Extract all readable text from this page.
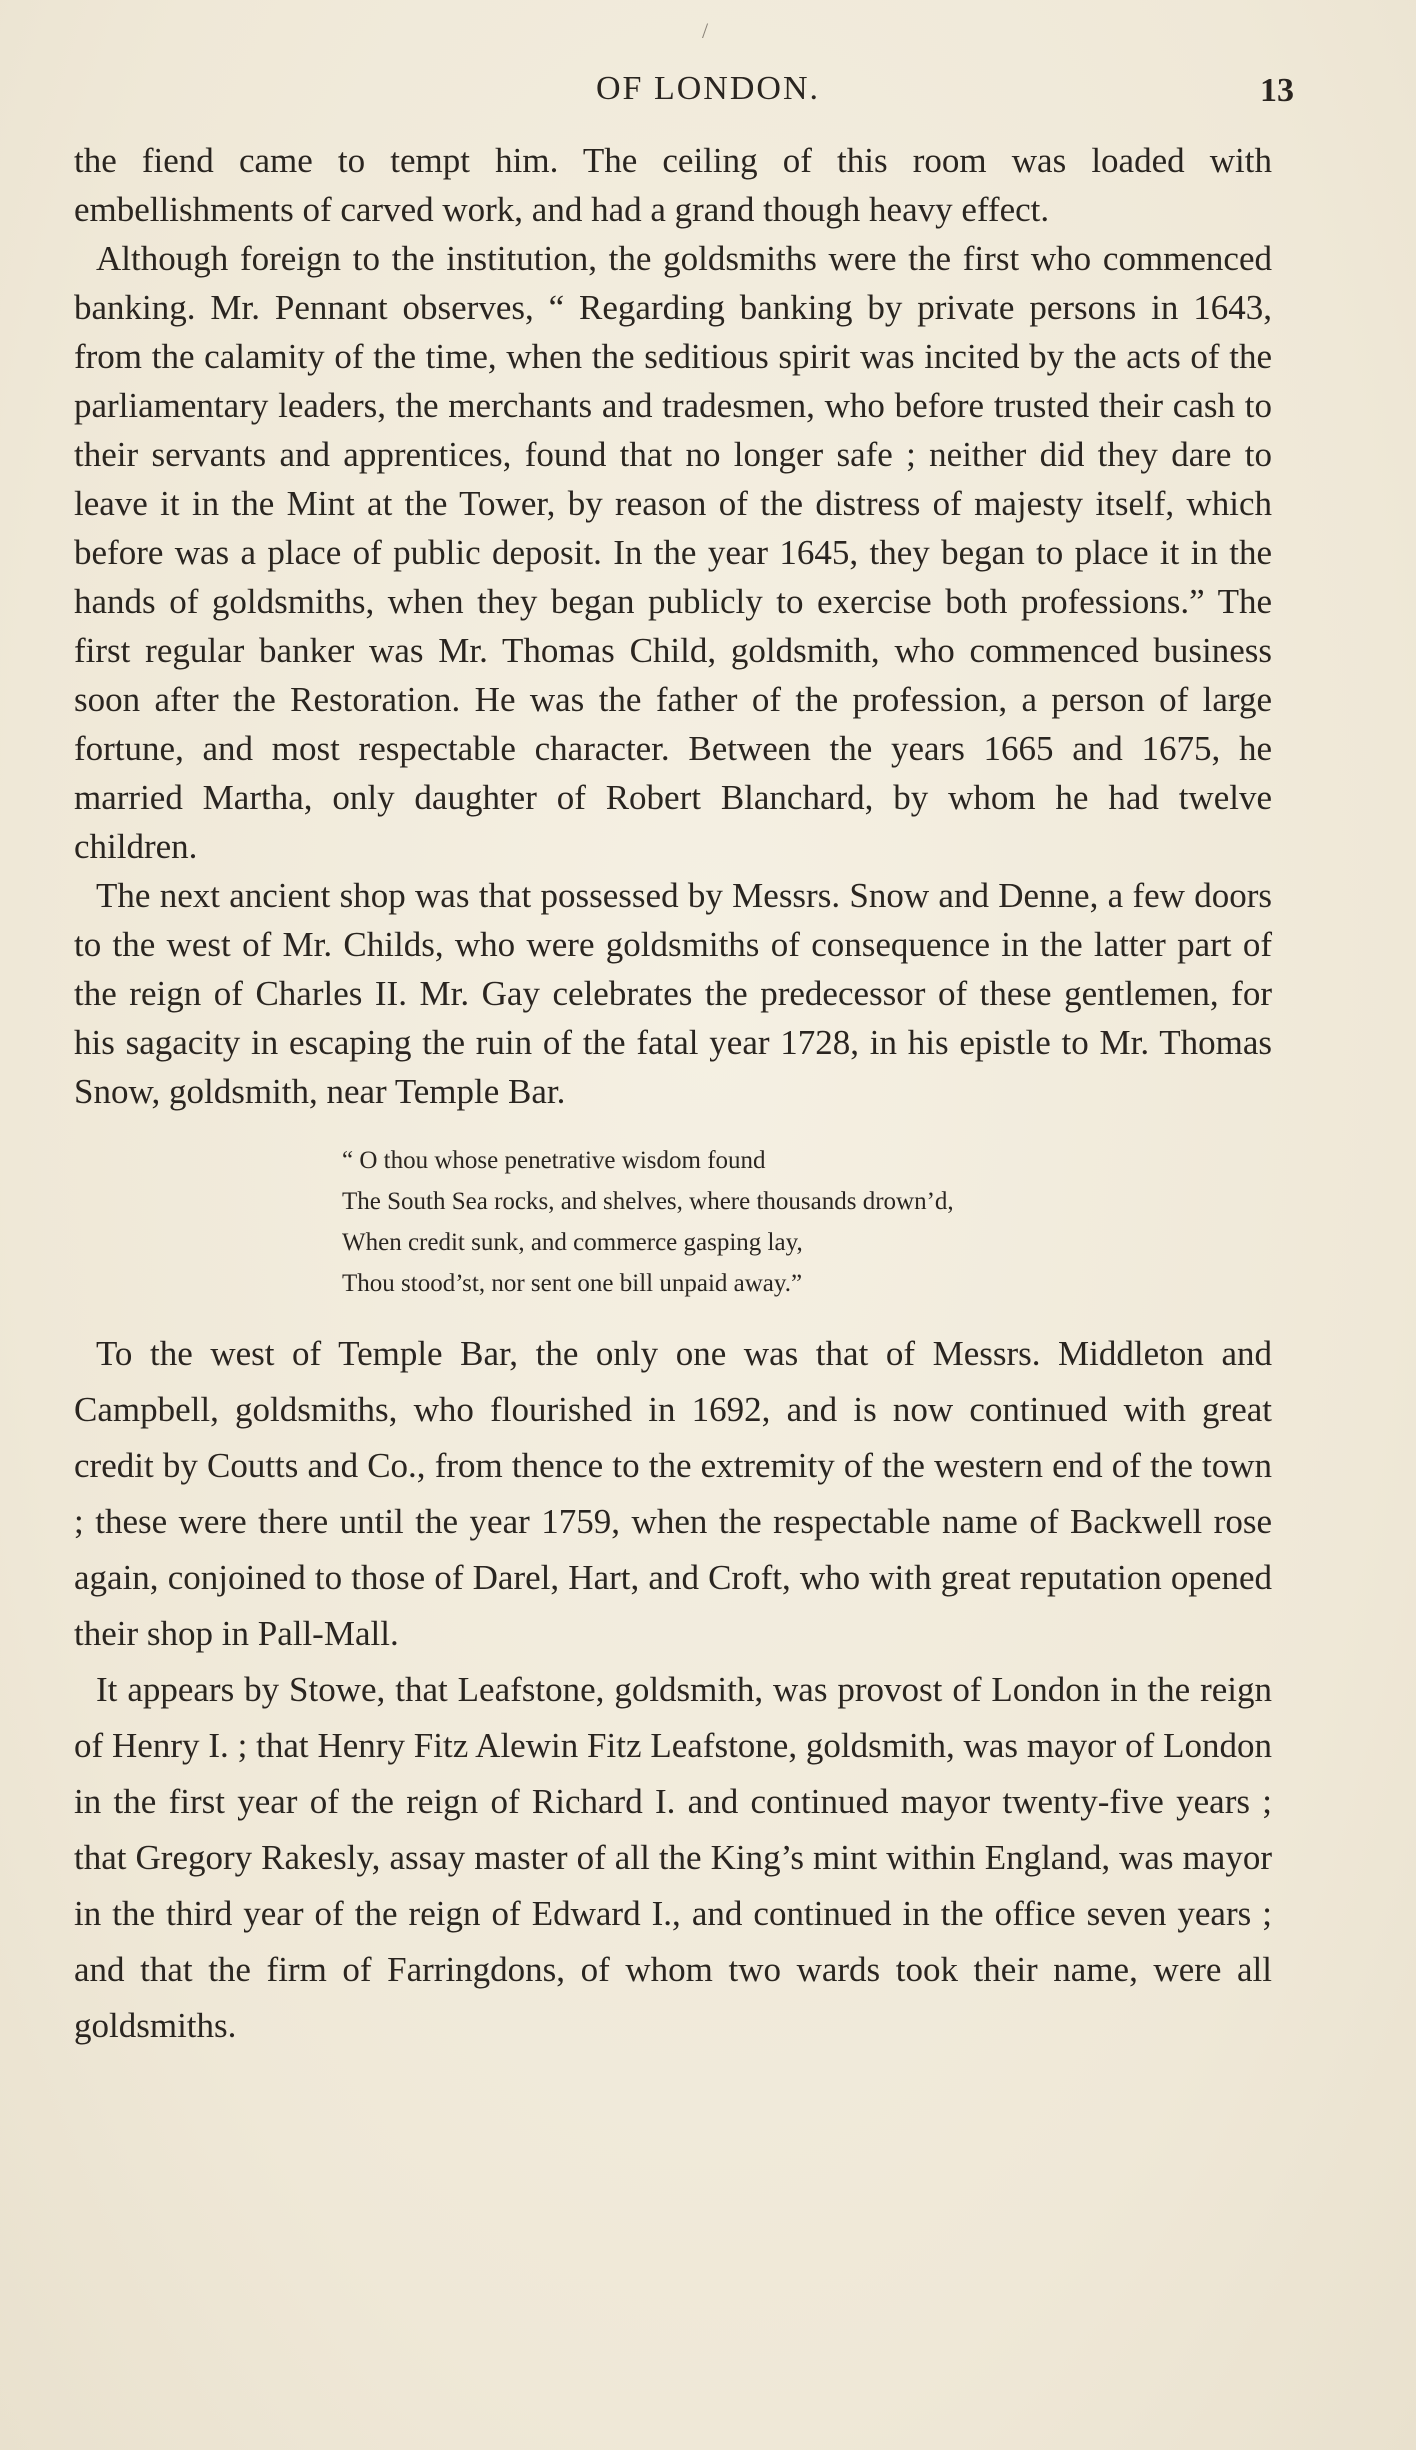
/
OF LONDON.	13

the fiend came to tempt him. The ceiling of this room was loaded with embellishments of carved work, and had a grand though heavy effect.

Although foreign to the institution, the goldsmiths were the first who commenced banking. Mr. Pennant observes, “ Regarding banking by private persons in 1643, from the calamity of the time, when the seditious spirit was incited by the acts of the parliamentary leaders, the merchants and tradesmen, who before trusted their cash to their servants and apprentices, found that no longer safe ; neither did they dare to leave it in the Mint at the Tower, by reason of the distress of majesty itself, which before was a place of public deposit. In the year 1645, they began to place it in the hands of goldsmiths, when they began publicly to exercise both professions.” The first regular banker was Mr. Thomas Child, goldsmith, who commenced business soon after the Restoration. He was the father of the profession, a person of large fortune, and most respectable character. Between the years 1665 and 1675, he married Martha, only daughter of Robert Blanchard, by whom he had twelve children.

The next ancient shop was that possessed by Messrs. Snow and Denne, a few doors to the west of Mr. Childs, who were goldsmiths of consequence in the latter part of the reign of Charles II. Mr. Gay celebrates the predecessor of these gentlemen, for his sagacity in escaping the ruin of the fatal year 1728, in his epistle to Mr. Thomas Snow, goldsmith, near Temple Bar.

“ O thou whose penetrative wisdom found
The South Sea rocks, and shelves, where thousands drown’d,
When credit sunk, and commerce gasping lay,
Thou stood’st, nor sent one bill unpaid away.”

To the west of Temple Bar, the only one was that of Messrs. Middleton and Campbell, goldsmiths, who flourished in 1692, and is now continued with great credit by Coutts and Co., from thence to the extremity of the western end of the town ; these were there until the year 1759, when the respectable name of Backwell rose again, conjoined to those of Darel, Hart, and Croft, who with great reputation opened their shop in Pall-Mall.

It appears by Stowe, that Leafstone, goldsmith, was provost of London in the reign of Henry I. ; that Henry Fitz Alewin Fitz Leafstone, goldsmith, was mayor of London in the first year of the reign of Richard I. and continued mayor twenty-five years ; that Gregory Rakesly, assay master of all the King’s mint within England, was mayor in the third year of the reign of Edward I., and continued in the office seven years ; and that the firm of Farringdons, of whom two wards took their name, were all goldsmiths.
